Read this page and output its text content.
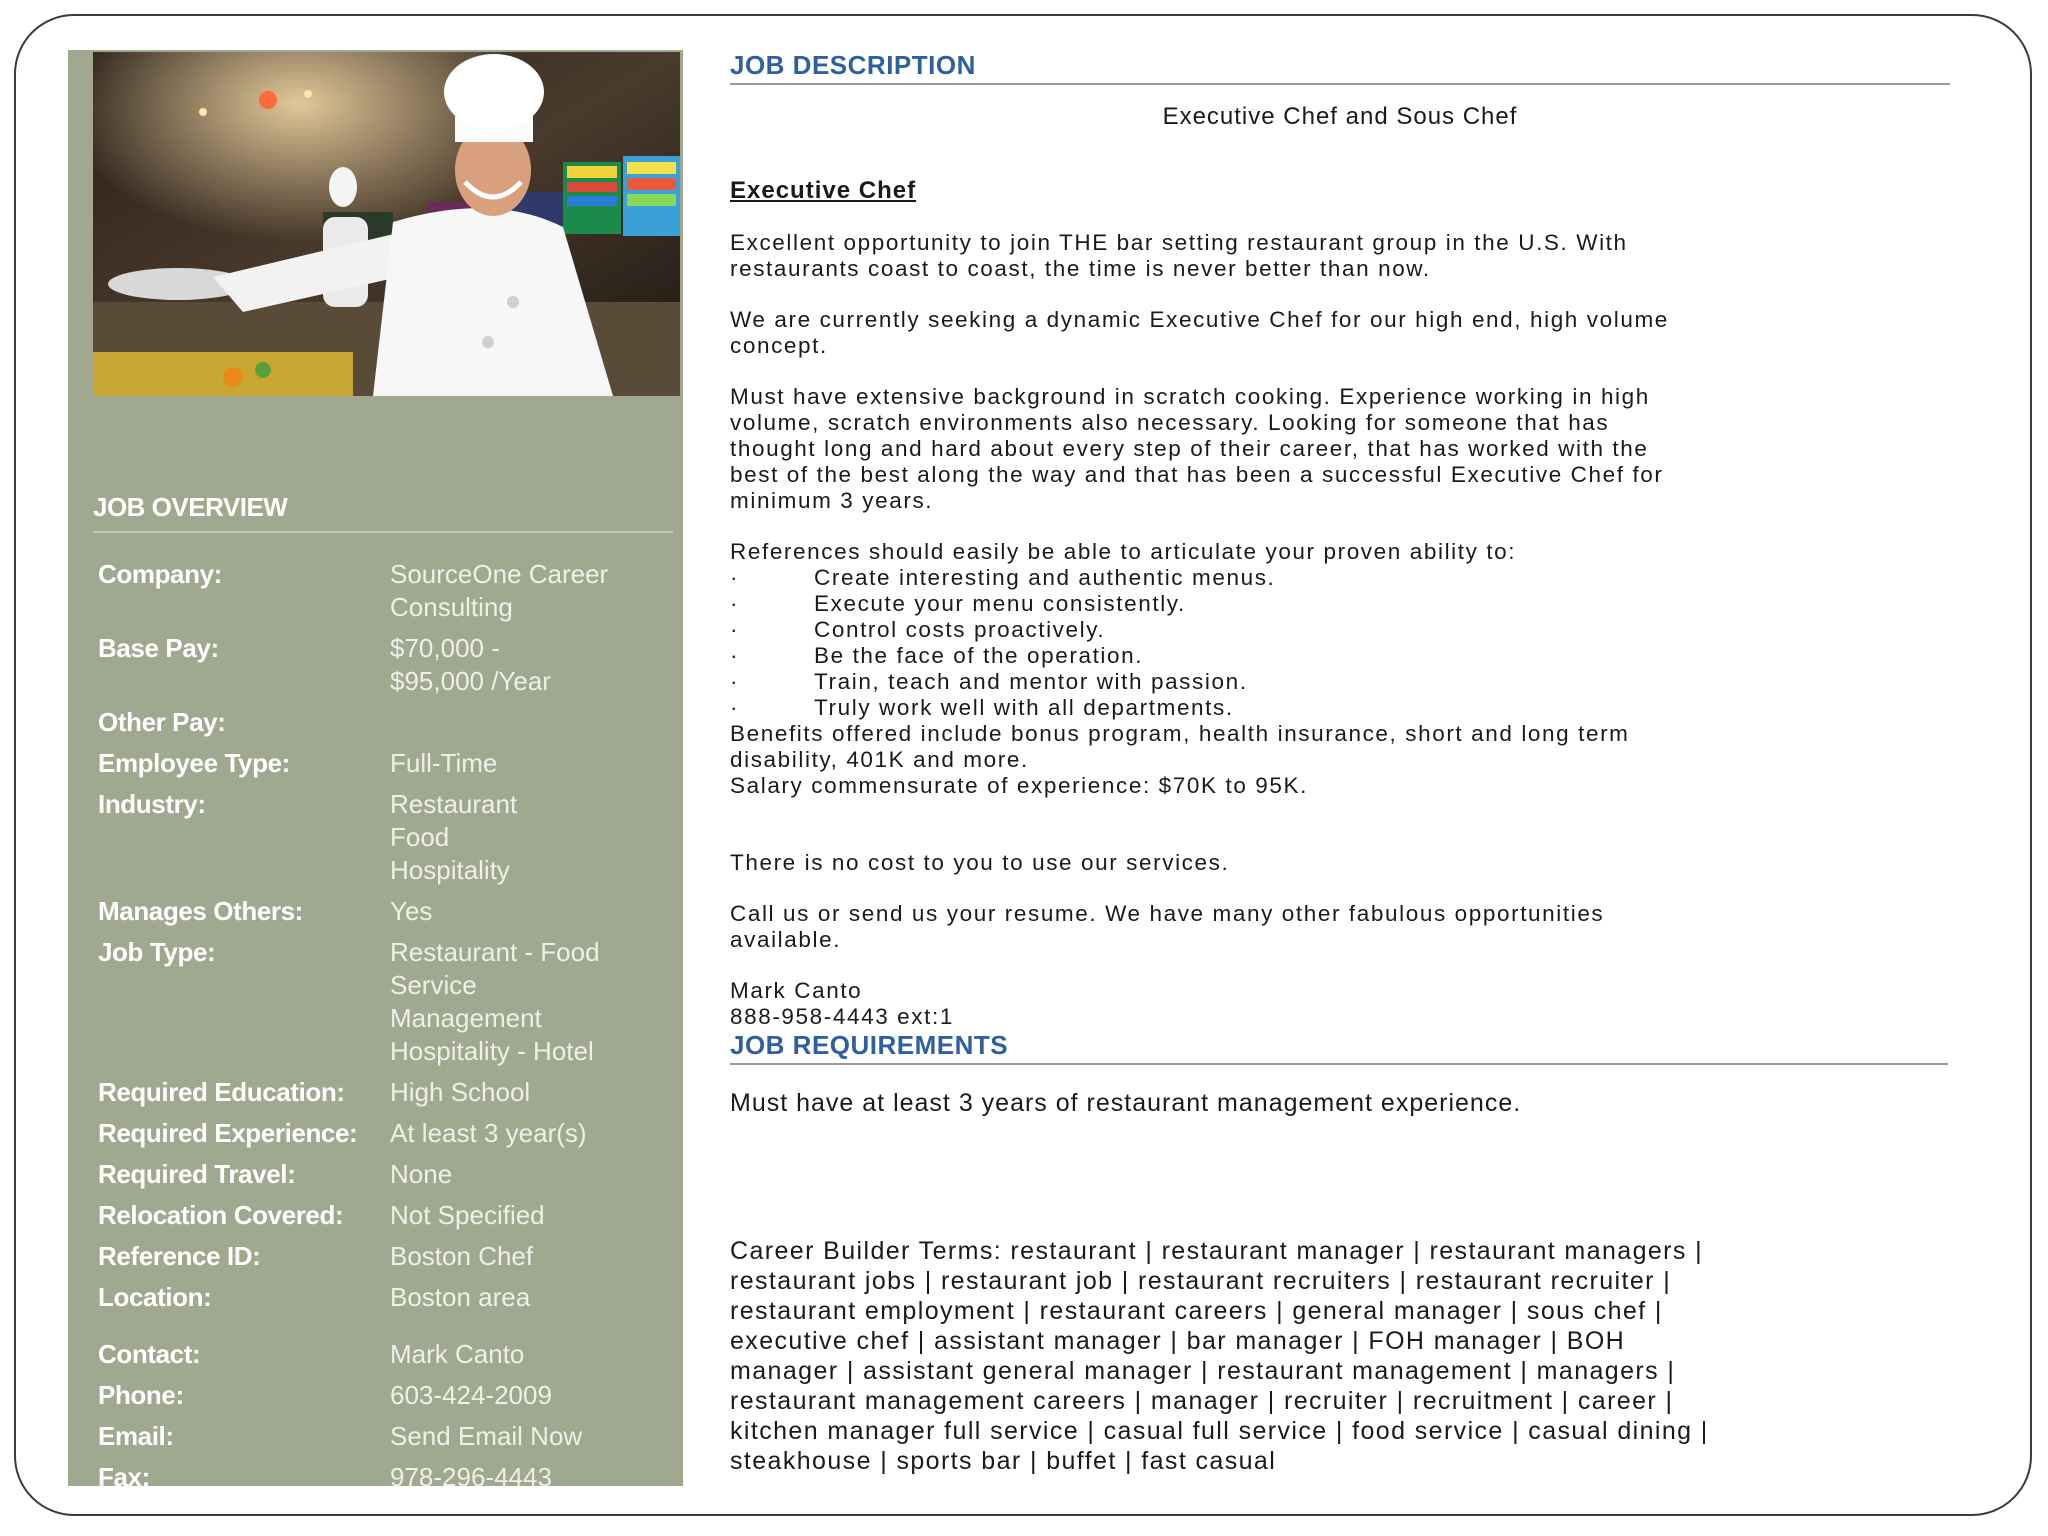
JOB OVERVIEW
Company:	SourceOne Career
Consulting
Base Pay:	$70,000 -
$95,000 /Year
Other Pay:
Employee Type:	Full-Time
Industry:	Restaurant
Food
Hospitality
Manages Others:	Yes
Job Type:	Restaurant - Food
Service
Management
Hospitality - Hotel
Required Education:	High School
Required Experience:	At least 3 year(s)
Required Travel:	None
Relocation Covered:	Not Specified
Reference ID:	Boston Chef
Location:	Boston area
Contact:	Mark Canto
Phone:	603-424-2009
Email:	Send Email Now
Fax:	978-296-4443
JOB DESCRIPTION
Executive Chef and Sous Chef
Executive Chef
Excellent opportunity to join THE bar setting restaurant group in the U.S. With
restaurants coast to coast, the time is never better than now.
We are currently seeking a dynamic Executive Chef for our high end, high volume
concept.
Must have extensive background in scratch cooking. Experience working in high
volume, scratch environments also necessary. Looking for someone that has
thought long and hard about every step of their career, that has worked with the
best of the best along the way and that has been a successful Executive Chef for
minimum 3 years.
References should easily be able to articulate your proven ability to:
·	Create interesting and authentic menus.
·	Execute your menu consistently.
·	Control costs proactively.
·	Be the face of the operation.
·	Train, teach and mentor with passion.
·	Truly work well with all departments.
Benefits offered include bonus program, health insurance, short and long term
disability, 401K and more.
Salary commensurate of experience: $70K to 95K.
There is no cost to you to use our services.
Call us or send us your resume. We have many other fabulous opportunities
available.
Mark Canto
888-958-4443 ext:1
JOB REQUIREMENTS
Must have at least 3 years of restaurant management experience.
Career Builder Terms: restaurant | restaurant manager | restaurant managers |
restaurant jobs | restaurant job | restaurant recruiters | restaurant recruiter |
restaurant employment | restaurant careers | general manager | sous chef |
executive chef | assistant manager | bar manager | FOH manager | BOH
manager | assistant general manager | restaurant management | managers |
restaurant management careers | manager | recruiter | recruitment | career |
kitchen manager full service | casual full service | food service | casual dining |
steakhouse | sports bar | buffet | fast casual
